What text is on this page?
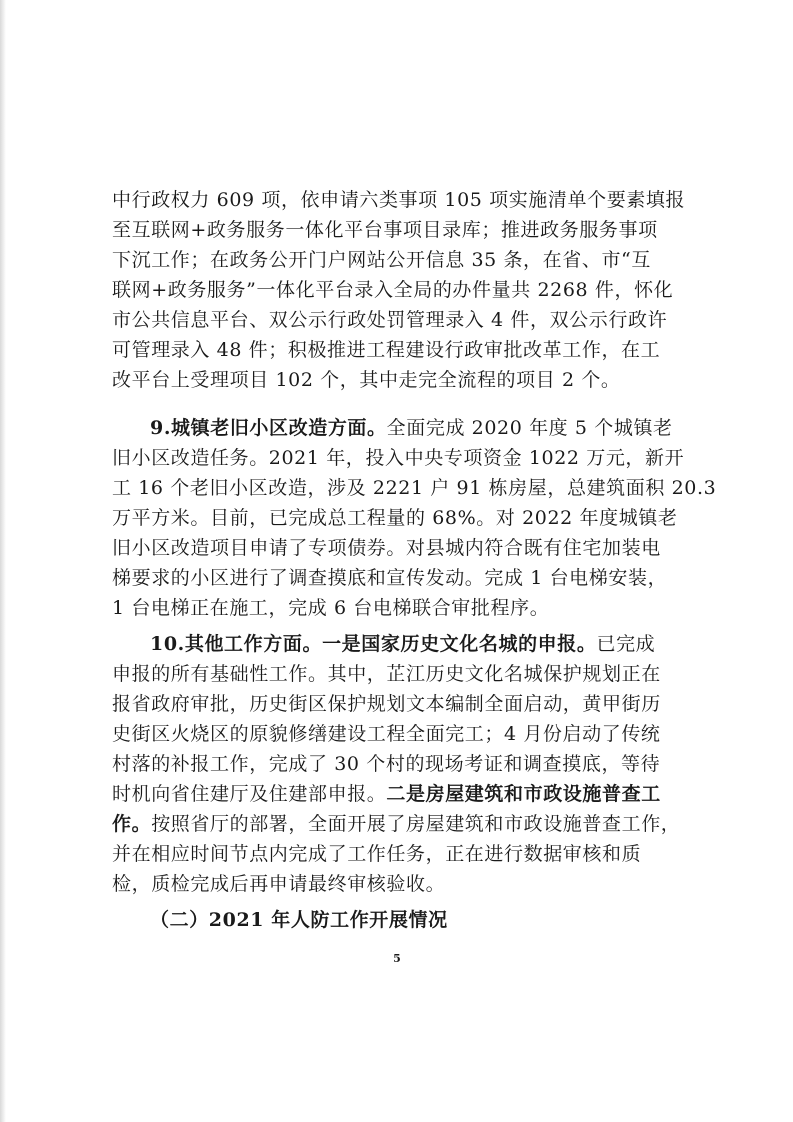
中行政权力 609 项，依申请六类事项 105 项实施清单个要素填报
至互联网+政务服务一体化平台事项目录库；推进政务服务事项
下沉工作；在政务公开门户网站公开信息 35 条，在省、市“互
联网+政务服务”一体化平台录入全局的办件量共 2268 件，怀化
市公共信息平台、双公示行政处罚管理录入 4 件，双公示行政许
可管理录入 48 件；积极推进工程建设行政审批改革工作，在工
改平台上受理项目 102 个，其中走完全流程的项目 2 个。
9.城镇老旧小区改造方面。全面完成 2020 年度 5 个城镇老
旧小区改造任务。2021 年，投入中央专项资金 1022 万元，新开
工 16 个老旧小区改造，涉及 2221 户 91 栋房屋，总建筑面积 20.3
万平方米。目前，已完成总工程量的 68%。对 2022 年度城镇老
旧小区改造项目申请了专项债券。对县城内符合既有住宅加装电
梯要求的小区进行了调查摸底和宣传发动。完成 1 台电梯安装，
1 台电梯正在施工，完成 6 台电梯联合审批程序。
10.其他工作方面。一是国家历史文化名城的申报。已完成
申报的所有基础性工作。其中，芷江历史文化名城保护规划正在
报省政府审批，历史街区保护规划文本编制全面启动，黄甲街历
史街区火烧区的原貌修缮建设工程全面完工；4 月份启动了传统
村落的补报工作，完成了 30 个村的现场考证和调查摸底，等待
时机向省住建厅及住建部申报。二是房屋建筑和市政设施普查工
作。按照省厅的部署，全面开展了房屋建筑和市政设施普查工作，
并在相应时间节点内完成了工作任务，正在进行数据审核和质
检，质检完成后再申请最终审核验收。
（二）2021 年人防工作开展情况
5
